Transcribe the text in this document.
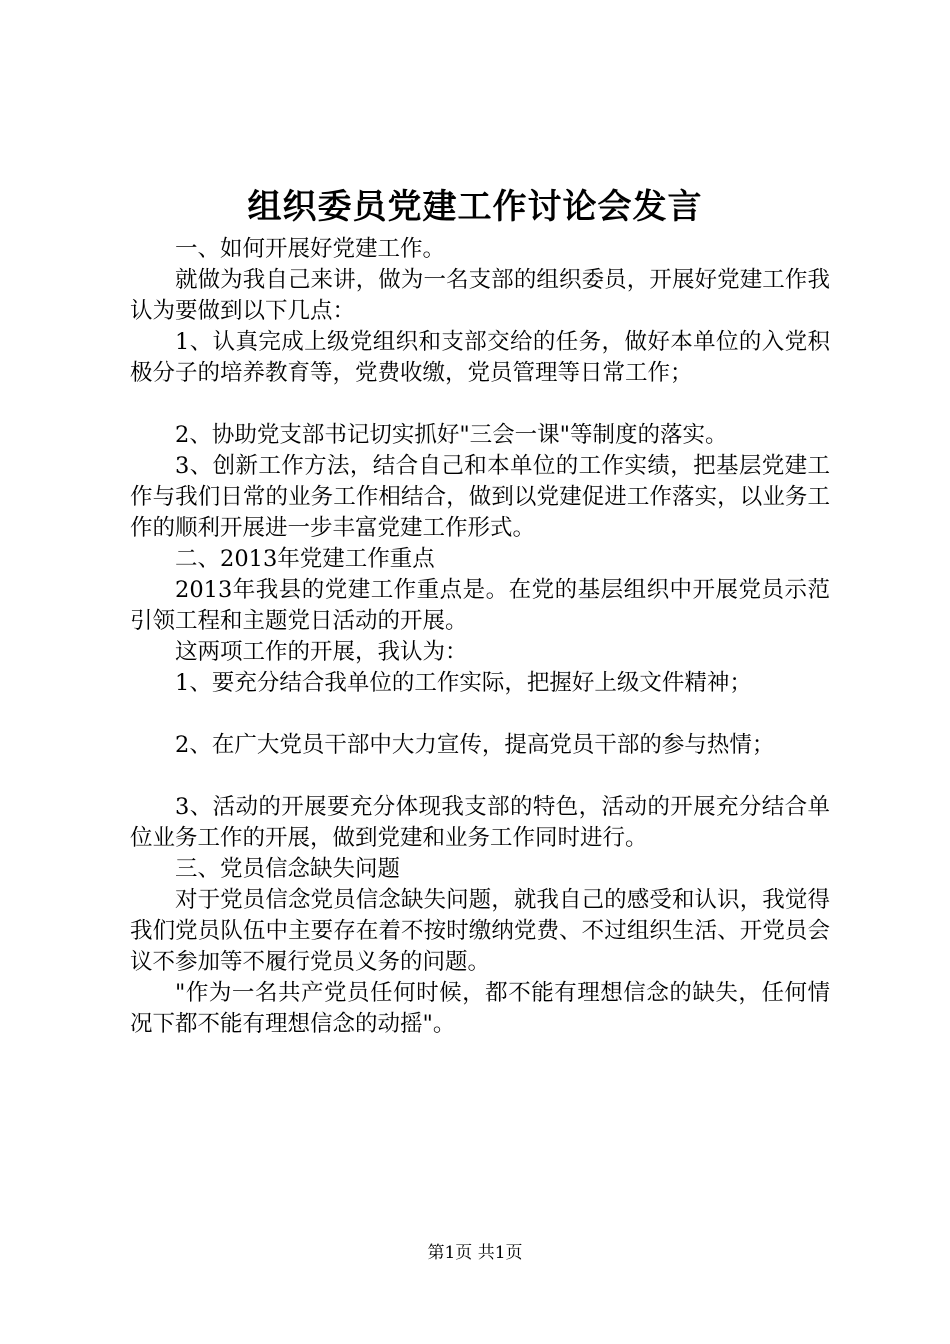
组织委员党建工作讨论会发言

一、如何开展好党建工作。

就做为我自己来讲，做为一名支部的组织委员，开展好党建工作我认为要做到以下几点：

1、认真完成上级党组织和支部交给的任务，做好本单位的入党积极分子的培养教育等，党费收缴，党员管理等日常工作；

2、协助党支部书记切实抓好"三会一课"等制度的落实。

3、创新工作方法，结合自己和本单位的工作实绩，把基层党建工作与我们日常的业务工作相结合，做到以党建促进工作落实，以业务工作的顺利开展进一步丰富党建工作形式。

二、2013年党建工作重点

2013年我县的党建工作重点是。在党的基层组织中开展党员示范引领工程和主题党日活动的开展。

这两项工作的开展，我认为：

1、要充分结合我单位的工作实际，把握好上级文件精神；

2、在广大党员干部中大力宣传，提高党员干部的参与热情；

3、活动的开展要充分体现我支部的特色，活动的开展充分结合单位业务工作的开展，做到党建和业务工作同时进行。

三、党员信念缺失问题

对于党员信念党员信念缺失问题，就我自己的感受和认识，我觉得我们党员队伍中主要存在着不按时缴纳党费、不过组织生活、开党员会议不参加等不履行党员义务的问题。

"作为一名共产党员任何时候，都不能有理想信念的缺失，任何情况下都不能有理想信念的动摇"。

第1页 共1页
